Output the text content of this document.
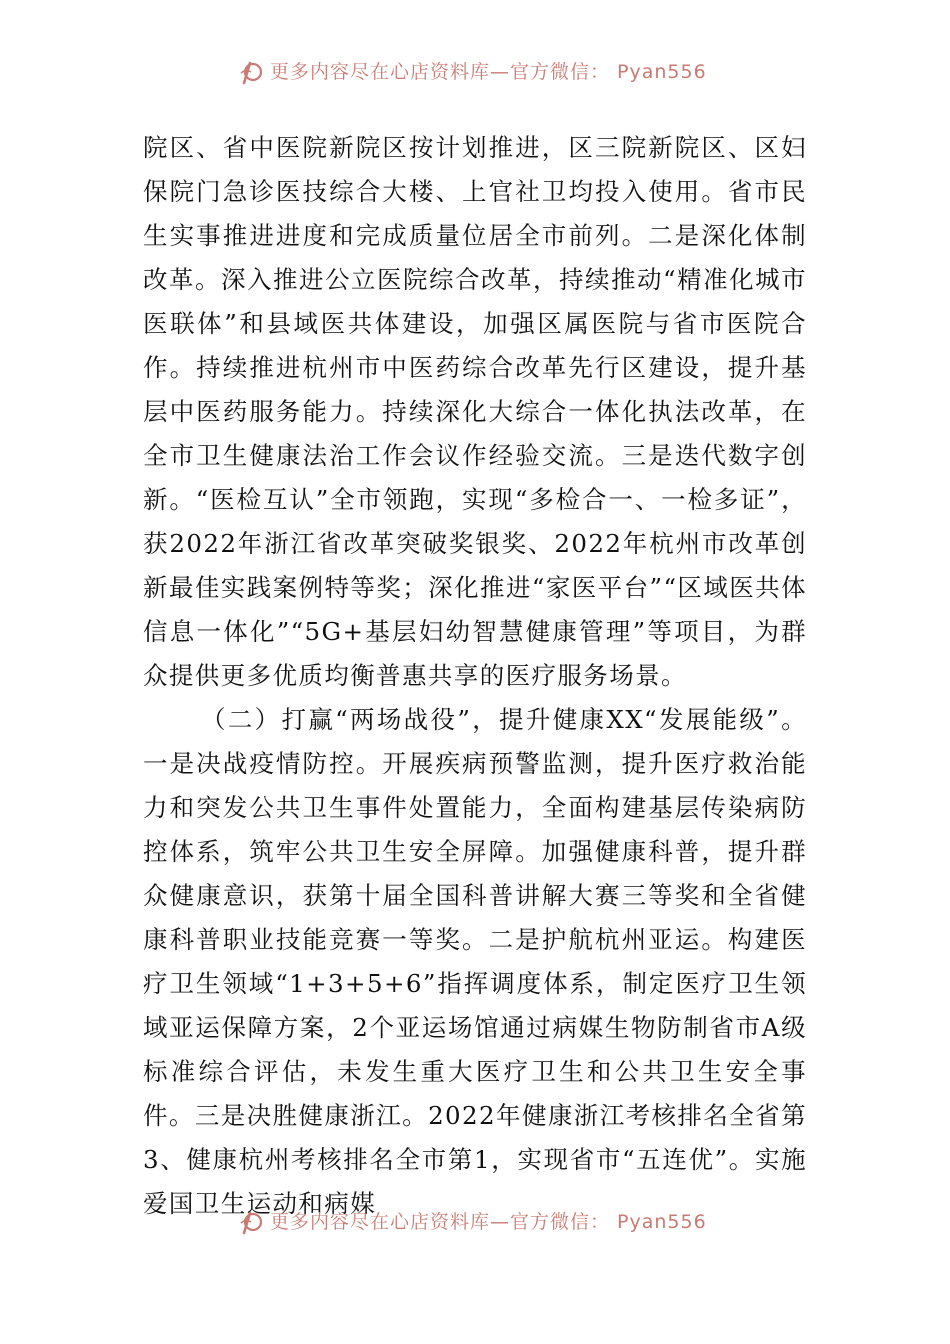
更多内容尽在心店资料库—官方微信： Pyan556

院区、省中医院新院区按计划推进，区三院新院区、区妇保院门急诊医技综合大楼、上官社卫均投入使用。省市民生实事推进进度和完成质量位居全市前列。二是深化体制改革。深入推进公立医院综合改革，持续推动“精准化城市医联体”和县域医共体建设，加强区属医院与省市医院合作。持续推进杭州市中医药综合改革先行区建设，提升基层中医药服务能力。持续深化大综合一体化执法改革，在全市卫生健康法治工作会议作经验交流。三是迭代数字创新。“医检互认”全市领跑，实现“多检合一、一检多证”，获2022年浙江省改革突破奖银奖、2022年杭州市改革创新最佳实践案例特等奖；深化推进“家医平台”“区域医共体信息一体化”“5G+基层妇幼智慧健康管理”等项目，为群众提供更多优质均衡普惠共享的医疗服务场景。

（二）打赢“两场战役”，提升健康XX“发展能级”。一是决战疫情防控。开展疾病预警监测，提升医疗救治能力和突发公共卫生事件处置能力，全面构建基层传染病防控体系，筑牢公共卫生安全屏障。加强健康科普，提升群众健康意识，获第十届全国科普讲解大赛三等奖和全省健康科普职业技能竞赛一等奖。二是护航杭州亚运。构建医疗卫生领域“1+3+5+6”指挥调度体系，制定医疗卫生领域亚运保障方案，2个亚运场馆通过病媒生物防制省市A级标准综合评估，未发生重大医疗卫生和公共卫生安全事件。三是决胜健康浙江。2022年健康浙江考核排名全省第3、健康杭州考核排名全市第1，实现省市“五连优”。实施爱国卫生运动和病媒

更多内容尽在心店资料库—官方微信： Pyan556
